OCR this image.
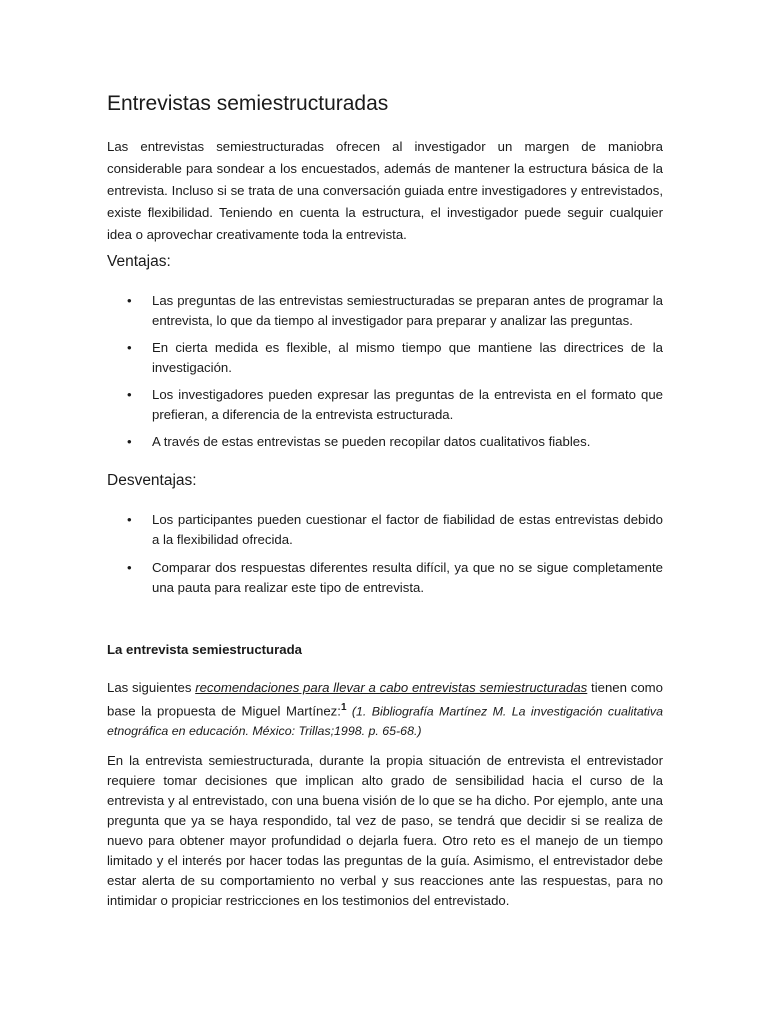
Entrevistas semiestructuradas

Las entrevistas semiestructuradas ofrecen al investigador un margen de maniobra considerable para sondear a los encuestados, además de mantener la estructura básica de la entrevista. Incluso si se trata de una conversación guiada entre investigadores y entrevistados, existe flexibilidad. Teniendo en cuenta la estructura, el investigador puede seguir cualquier idea o aprovechar creativamente toda la entrevista.

Ventajas:
• Las preguntas de las entrevistas semiestructuradas se preparan antes de programar la entrevista, lo que da tiempo al investigador para preparar y analizar las preguntas.
• En cierta medida es flexible, al mismo tiempo que mantiene las directrices de la investigación.
• Los investigadores pueden expresar las preguntas de la entrevista en el formato que prefieran, a diferencia de la entrevista estructurada.
• A través de estas entrevistas se pueden recopilar datos cualitativos fiables.
Desventajas:
• Los participantes pueden cuestionar el factor de fiabilidad de estas entrevistas debido a la flexibilidad ofrecida.
• Comparar dos respuestas diferentes resulta difícil, ya que no se sigue completamente una pauta para realizar este tipo de entrevista.
La entrevista semiestructurada

Las siguientes recomendaciones para llevar a cabo entrevistas semiestructuradas tienen como base la propuesta de Miguel Martínez:$^1$ (1. Bibliografía Martínez M. La investigación cualitativa etnográfica en educación. México: Trillas;1998. p. 65-68.)

En la entrevista semiestructurada, durante la propia situación de entrevista el entrevistador requiere tomar decisiones que implican alto grado de sensibilidad hacia el curso de la entrevista y al entrevistado, con una buena visión de lo que se ha dicho. Por ejemplo, ante una pregunta que ya se haya respondido, tal vez de paso, se tendrá que decidir si se realiza de nuevo para obtener mayor profundidad o dejarla fuera. Otro reto es el manejo de un tiempo limitado y el interés por hacer todas las preguntas de la guía. Asimismo, el entrevistador debe estar alerta de su comportamiento no verbal y sus reacciones ante las respuestas, para no intimidar o propiciar restricciones en los testimonios del entrevistado.
